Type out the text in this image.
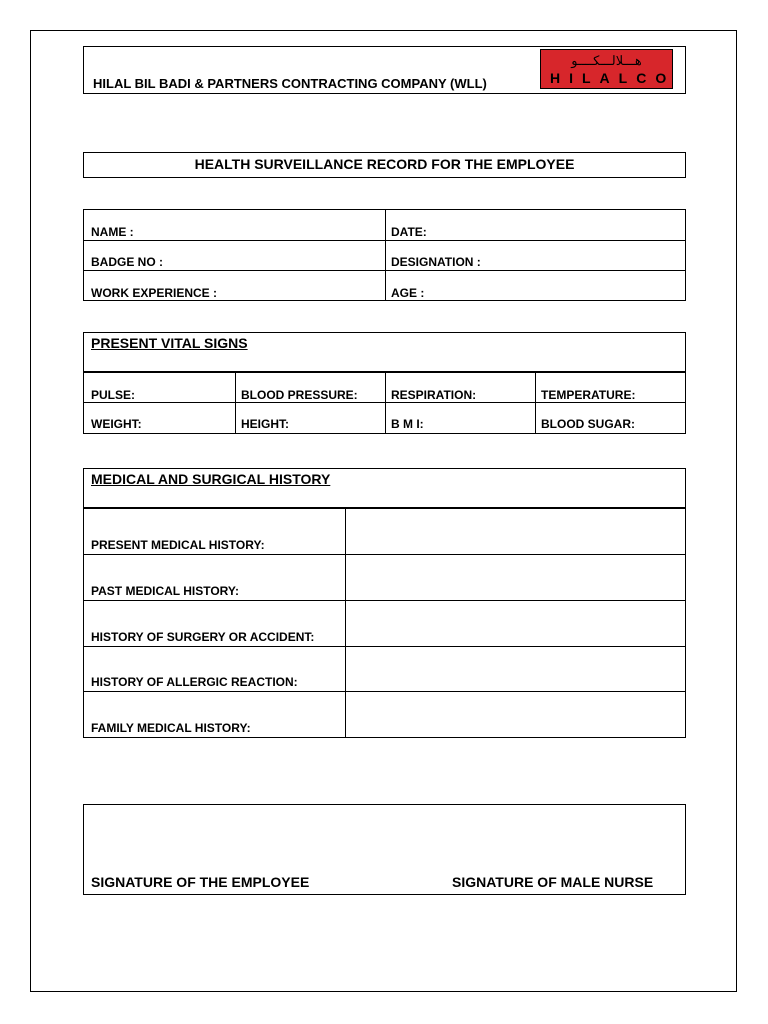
HILAL BIL BADI & PARTNERS CONTRACTING COMPANY (WLL)
هـــلالـــكــــو
HILALCO
HEALTH SURVEILLANCE RECORD FOR THE EMPLOYEE
NAME :	DATE:
BADGE NO :	DESIGNATION :
WORK EXPERIENCE :	AGE :
PRESENT VITAL SIGNS
PULSE:	BLOOD PRESSURE:	RESPIRATION:	TEMPERATURE:
WEIGHT:	HEIGHT:	B M I:	BLOOD SUGAR:
MEDICAL AND SURGICAL HISTORY
PRESENT MEDICAL HISTORY:
PAST MEDICAL HISTORY:
HISTORY OF SURGERY OR ACCIDENT:
HISTORY OF ALLERGIC REACTION:
FAMILY MEDICAL HISTORY:
SIGNATURE OF THE EMPLOYEE	SIGNATURE OF MALE NURSE
